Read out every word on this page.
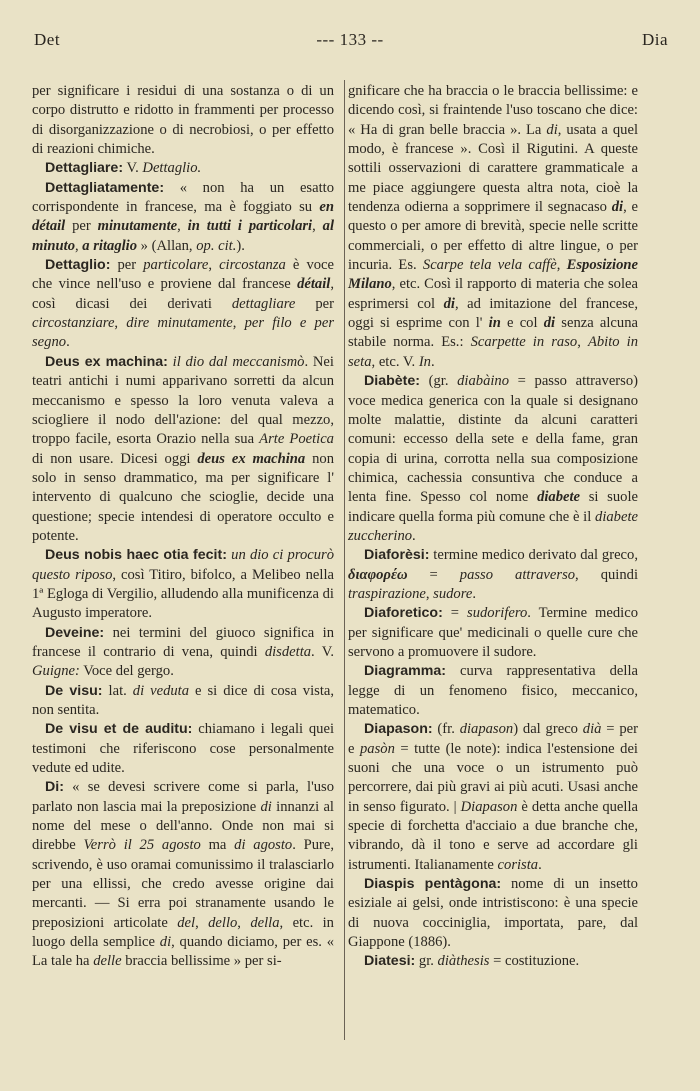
Det	--- 133 --	Dia

per significare i residui di una sostanza o di un corpo distrutto e ridotto in frammenti per processo di disorganizzazione o di necrobiosi, o per effetto di reazioni chimiche.

Dettagliare: V. Dettaglio.

Dettagliatamente: « non ha un esatto corrispondente in francese, ma è foggiato su en détail per minutamente, in tutti i particolari, al minuto, a ritaglio » (Allan, op. cit.).

Dettaglio: per particolare, circostanza è voce che vince nell'uso e proviene dal francese détail, così dicasi dei derivati dettagliare per circostanziare, dire minutamente, per filo e per segno.

Deus ex machina: il dio dal meccanismò. Nei teatri antichi i numi apparivano sorretti da alcun meccanismo e spesso la loro venuta valeva a sciogliere il nodo dell'azione: del qual mezzo, troppo facile, esorta Orazio nella sua Arte Poetica di non usare. Dicesi oggi deus ex machina non solo in senso drammatico, ma per significare l' intervento di qualcuno che scioglie, decide una questione; specie intendesi di operatore occulto e potente.

Deus nobis haec otia fecit: un dio ci procurò questo riposo, così Titiro, bifolco, a Melibeo nella 1ª Egloga di Vergilio, alludendo alla munificenza di Augusto imperatore.

Deveine: nei termini del giuoco significa in francese il contrario di vena, quindi disdetta. V. Guigne: Voce del gergo.

De visu: lat. di veduta e si dice di cosa vista, non sentita.

De visu et de auditu: chiamano i legali quei testimoni che riferiscono cose personalmente vedute ed udite.

Di: « se devesi scrivere come si parla, l'uso parlato non lascia mai la preposizione di innanzi al nome del mese o dell'anno. Onde non mai si direbbe Verrò il 25 agosto ma di agosto. Pure, scrivendo, è uso oramai comunissimo il tralasciarlo per una ellissi, che credo avesse origine dai mercanti. — Si erra poi stranamente usando le preposizioni articolate del, dello, della, etc. in luogo della semplice di, quando diciamo, per es. « La tale ha delle braccia bellissime » per si-

gnificare che ha braccia o le braccia bellissime: e dicendo così, si fraintende l'uso toscano che dice: « Ha di gran belle braccia ». La di, usata a quel modo, è francese ». Così il Rigutini. A queste sottili osservazioni di carattere grammaticale a me piace aggiungere questa altra nota, cioè la tendenza odierna a sopprimere il segnacaso di, e questo o per amore di brevità, specie nelle scritte commerciali, o per effetto di altre lingue, o per incuria. Es. Scarpe tela vela caffè, Esposizione Milano, etc. Così il rapporto di materia che solea esprimersi col di, ad imitazione del francese, oggi si esprime con l' in e col di senza alcuna stabile norma. Es.: Scarpette in raso, Abito in seta, etc. V. In.

Diabète: (gr. diabàino = passo attraverso) voce medica generica con la quale si designano molte malattie, distinte da alcuni caratteri comuni: eccesso della sete e della fame, gran copia di urina, corrotta nella sua composizione chimica, cachessia consuntiva che conduce a lenta fine. Spesso col nome diabete si suole indicare quella forma più comune che è il diabete zuccherino.

Diaforèsi: termine medico derivato dal greco, διαφορέω = passo attraverso, quindi traspirazione, sudore.

Diaforetico: = sudorifero. Termine medico per significare que' medicinali o quelle cure che servono a promuovere il sudore.

Diagramma: curva rappresentativa della legge di un fenomeno fisico, meccanico, matematico.

Diapason: (fr. diapason) dal greco dià = per e pasòn = tutte (le note): indica l'estensione dei suoni che una voce o un istrumento può percorrere, dai più gravi ai più acuti. Usasi anche in senso figurato. | Diapason è detta anche quella specie di forchetta d'acciaio a due branche che, vibrando, dà il tono e serve ad accordare gli istrumenti. Italianamente corista.

Diaspis pentàgona: nome di un insetto esiziale ai gelsi, onde intristiscono: è una specie di nuova cocciniglia, importata, pare, dal Giappone (1886).

Diatesi: gr. diàthesis = costituzione.
